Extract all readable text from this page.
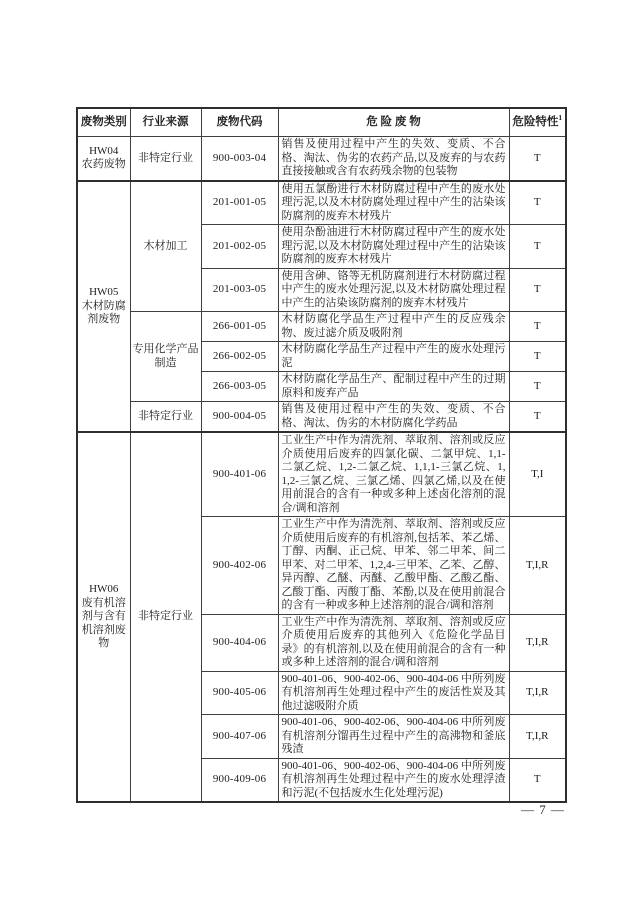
废物类别	行业来源	废物代码	危 险 废 物	危险特性$^1$

HW04
农药废物	非特定行业	900-003-04	销售及使用过程中产生的失效、变质、不合格、淘汰、伪劣的农药产品,以及废弃的与农药直接接触或含有农药残余物的包装物	T

HW05
木材防腐剂废物	木材加工	201-001-05	使用五氯酚进行木材防腐过程中产生的废水处理污泥,以及木材防腐处理过程中产生的沾染该防腐剂的废弃木材残片	T
		201-002-05	使用杂酚油进行木材防腐过程中产生的废水处理污泥,以及木材防腐处理过程中产生的沾染该防腐剂的废弃木材残片	T
		201-003-05	使用含砷、铬等无机防腐剂进行木材防腐过程中产生的废水处理污泥,以及木材防腐处理过程中产生的沾染该防腐剂的废弃木材残片	T
	专用化学产品制造	266-001-05	木材防腐化学品生产过程中产生的反应残余物、废过滤介质及吸附剂	T
		266-002-05	木材防腐化学品生产过程中产生的废水处理污泥	T
		266-003-05	木材防腐化学品生产、配制过程中产生的过期原料和废弃产品	T
	非特定行业	900-004-05	销售及使用过程中产生的失效、变质、不合格、淘汰、伪劣的木材防腐化学药品	T

HW06
废有机溶剂与含有机溶剂废物	非特定行业	900-401-06	工业生产中作为清洗剂、萃取剂、溶剂或反应介质使用后废弃的四氯化碳、二氯甲烷、1,1-二氯乙烷、1,2-二氯乙烷、1,1,1-三氯乙烷、1,1,2-三氯乙烷、三氯乙烯、四氯乙烯,以及在使用前混合的含有一种或多种上述卤化溶剂的混合/调和溶剂	T,I
		900-402-06	工业生产中作为清洗剂、萃取剂、溶剂或反应介质使用后废弃的有机溶剂,包括苯、苯乙烯、丁醇、丙酮、正己烷、甲苯、邻二甲苯、间二甲苯、对二甲苯、1,2,4-三甲苯、乙苯、乙醇、异丙醇、乙醚、丙醚、乙酸甲酯、乙酸乙酯、乙酸丁酯、丙酸丁酯、苯酚,以及在使用前混合的含有一种或多种上述溶剂的混合/调和溶剂	T,I,R
		900-404-06	工业生产中作为清洗剂、萃取剂、溶剂或反应介质使用后废弃的其他列入《危险化学品目录》的有机溶剂,以及在使用前混合的含有一种或多种上述溶剂的混合/调和溶剂	T,I,R
		900-405-06	900-401-06、900-402-06、900-404-06 中所列废有机溶剂再生处理过程中产生的废活性炭及其他过滤吸附介质	T,I,R
		900-407-06	900-401-06、900-402-06、900-404-06 中所列废有机溶剂分馏再生过程中产生的高沸物和釜底残渣	T,I,R
		900-409-06	900-401-06、900-402-06、900-404-06 中所列废有机溶剂再生处理过程中产生的废水处理浮渣和污泥(不包括废水生化处理污泥)	T
— 7 —
